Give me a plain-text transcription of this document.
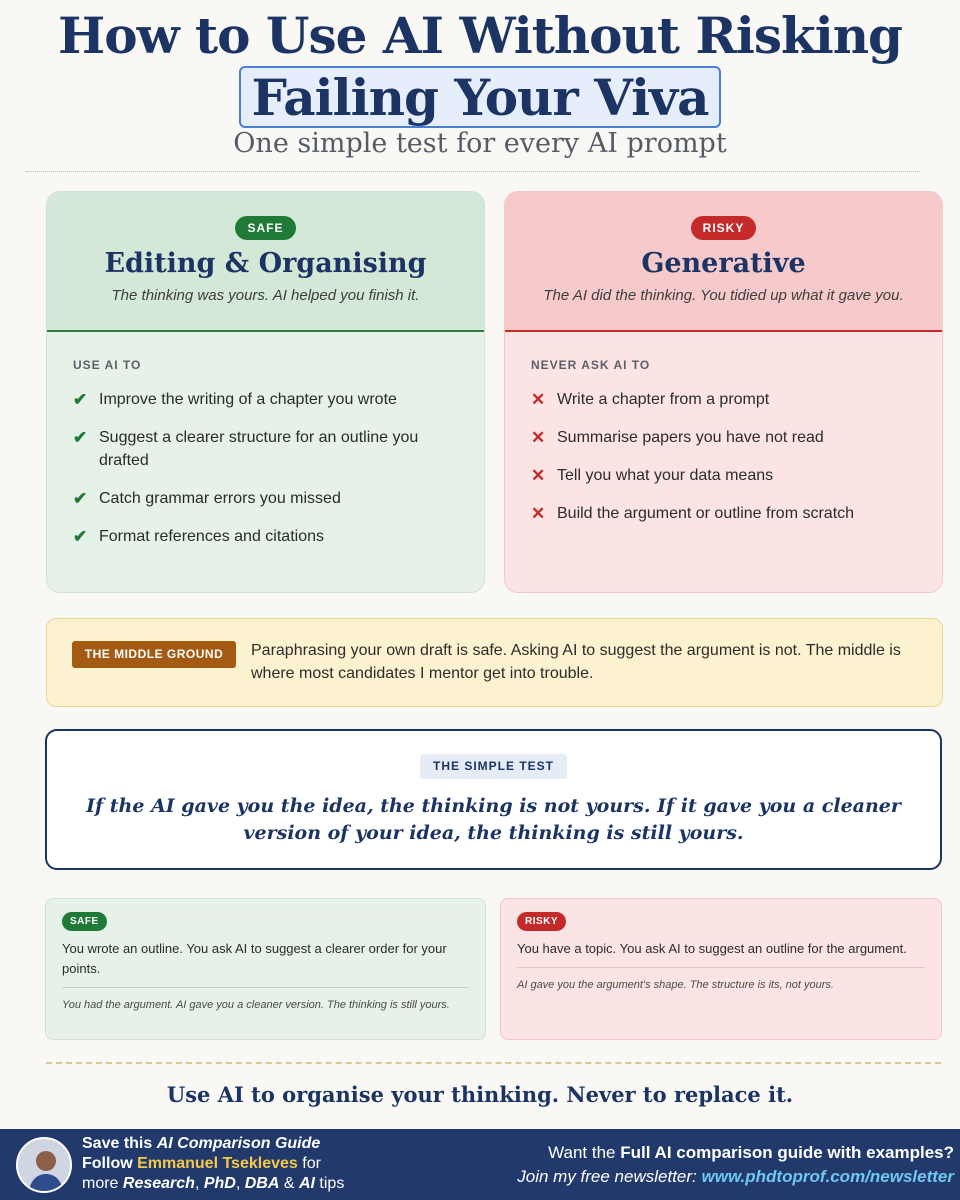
How to Use AI Without Risking
Failing Your Viva
One simple test for every AI prompt
SAFE
Editing & Organising
The thinking was yours. AI helped you finish it.
USE AI TO
✔ Improve the writing of a chapter you wrote
✔ Suggest a clearer structure for an outline you drafted
✔ Catch grammar errors you missed
✔ Format references and citations
RISKY
Generative
The AI did the thinking. You tidied up what it gave you.
NEVER ASK AI TO
✕ Write a chapter from a prompt
✕ Summarise papers you have not read
✕ Tell you what your data means
✕ Build the argument or outline from scratch
THE MIDDLE GROUND	Paraphrasing your own draft is safe. Asking AI to suggest the argument is not. The middle is where most candidates I mentor get into trouble.
THE SIMPLE TEST
If the AI gave you the idea, the thinking is not yours. If it gave you a cleaner version of your idea, the thinking is still yours.
SAFE
You wrote an outline. You ask AI to suggest a clearer order for your points.
You had the argument. AI gave you a cleaner version. The thinking is still yours.
RISKY
You have a topic. You ask AI to suggest an outline for the argument.
AI gave you the argument's shape. The structure is its, not yours.
Use AI to organise your thinking. Never to replace it.
Save this AI Comparison Guide
Follow Emmanuel Tsekleves for
more Research, PhD, DBA & AI tips
Want the Full AI comparison guide with examples?
Join my free newsletter: www.phdtoprof.com/newsletter
